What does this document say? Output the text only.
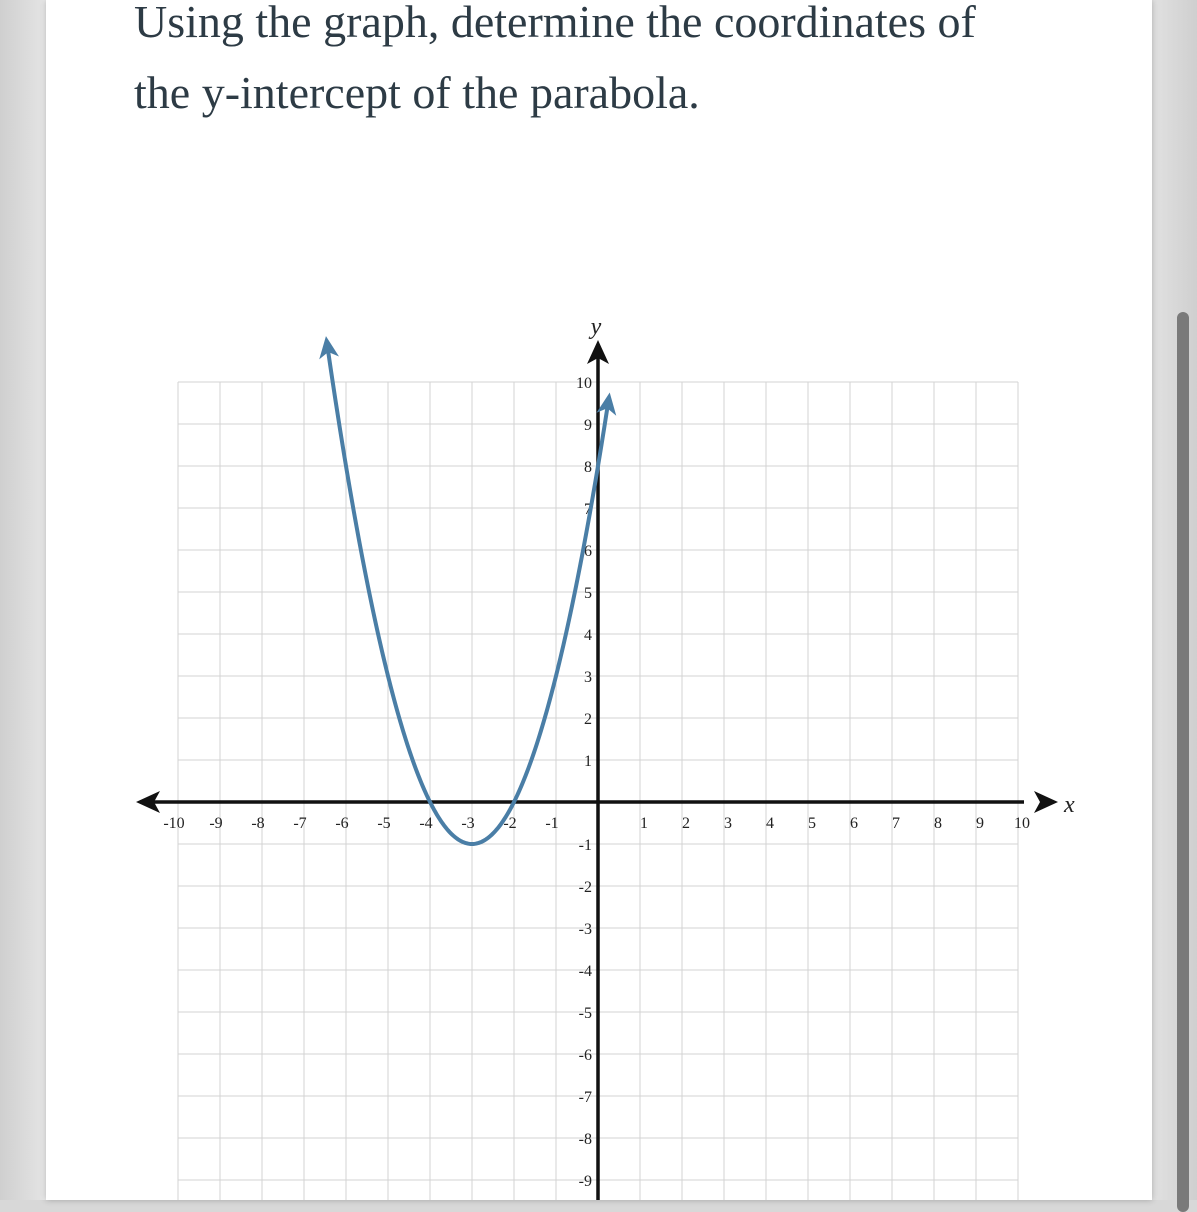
Using the graph, determine the coordinates of the y-intercept of the parabola.

-10 -9 -8 -7 -6 -5 -4 -3 -2 -1	1 2 3 4 5 6 7 8 9 10
10
9
8
7
6
5
4
3
2
1
-1
-2
-3
-4
-5
-6
-7
-8
-9
x
y
